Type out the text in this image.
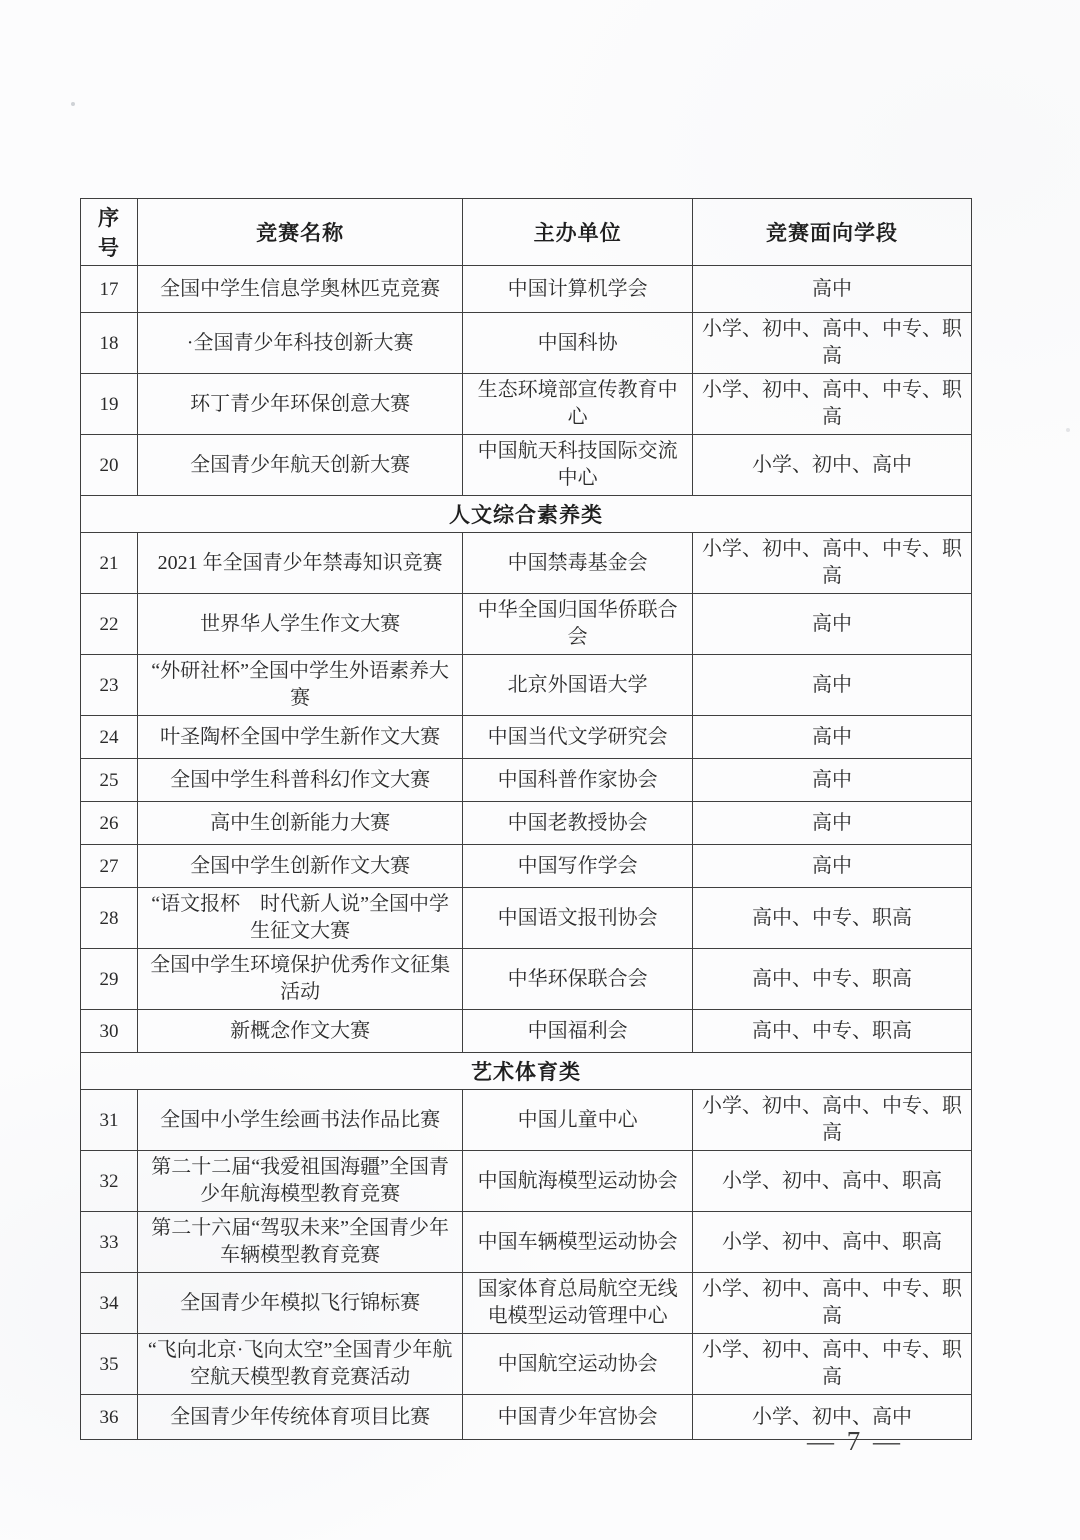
序号	竞赛名称	主办单位	竞赛面向学段
17	全国中学生信息学奥林匹克竞赛	中国计算机学会	高中
18	·全国青少年科技创新大赛	中国科协	小学、初中、高中、中专、职高
19	环丁青少年环保创意大赛	生态环境部宣传教育中心	小学、初中、高中、中专、职高
20	全国青少年航天创新大赛	中国航天科技国际交流中心	小学、初中、高中
人文综合素养类			
21	2021 年全国青少年禁毒知识竞赛	中国禁毒基金会	小学、初中、高中、中专、职高
22	世界华人学生作文大赛	中华全国归国华侨联合会	高中
23	“外研社杯”全国中学生外语素养大赛	北京外国语大学	高中
24	叶圣陶杯全国中学生新作文大赛	中国当代文学研究会	高中
25	全国中学生科普科幻作文大赛	中国科普作家协会	高中
26	高中生创新能力大赛	中国老教授协会	高中
27	全国中学生创新作文大赛	中国写作学会	高中
28	“语文报杯　时代新人说”全国中学生征文大赛	中国语文报刊协会	高中、中专、职高
29	全国中学生环境保护优秀作文征集活动	中华环保联合会	高中、中专、职高
30	新概念作文大赛	中国福利会	高中、中专、职高
艺术体育类			
31	全国中小学生绘画书法作品比赛	中国儿童中心	小学、初中、高中、中专、职高
32	第二十二届“我爱祖国海疆”全国青少年航海模型教育竞赛	中国航海模型运动协会	小学、初中、高中、职高
33	第二十六届“驾驭未来”全国青少年车辆模型教育竞赛	中国车辆模型运动协会	小学、初中、高中、职高
34	全国青少年模拟飞行锦标赛	国家体育总局航空无线电模型运动管理中心	小学、初中、高中、中专、职高
35	“飞向北京·飞向太空”全国青少年航空航天模型教育竞赛活动	中国航空运动协会	小学、初中、高中、中专、职高
36	全国青少年传统体育项目比赛	中国青少年宫协会	小学、初中、高中
— 7 —
